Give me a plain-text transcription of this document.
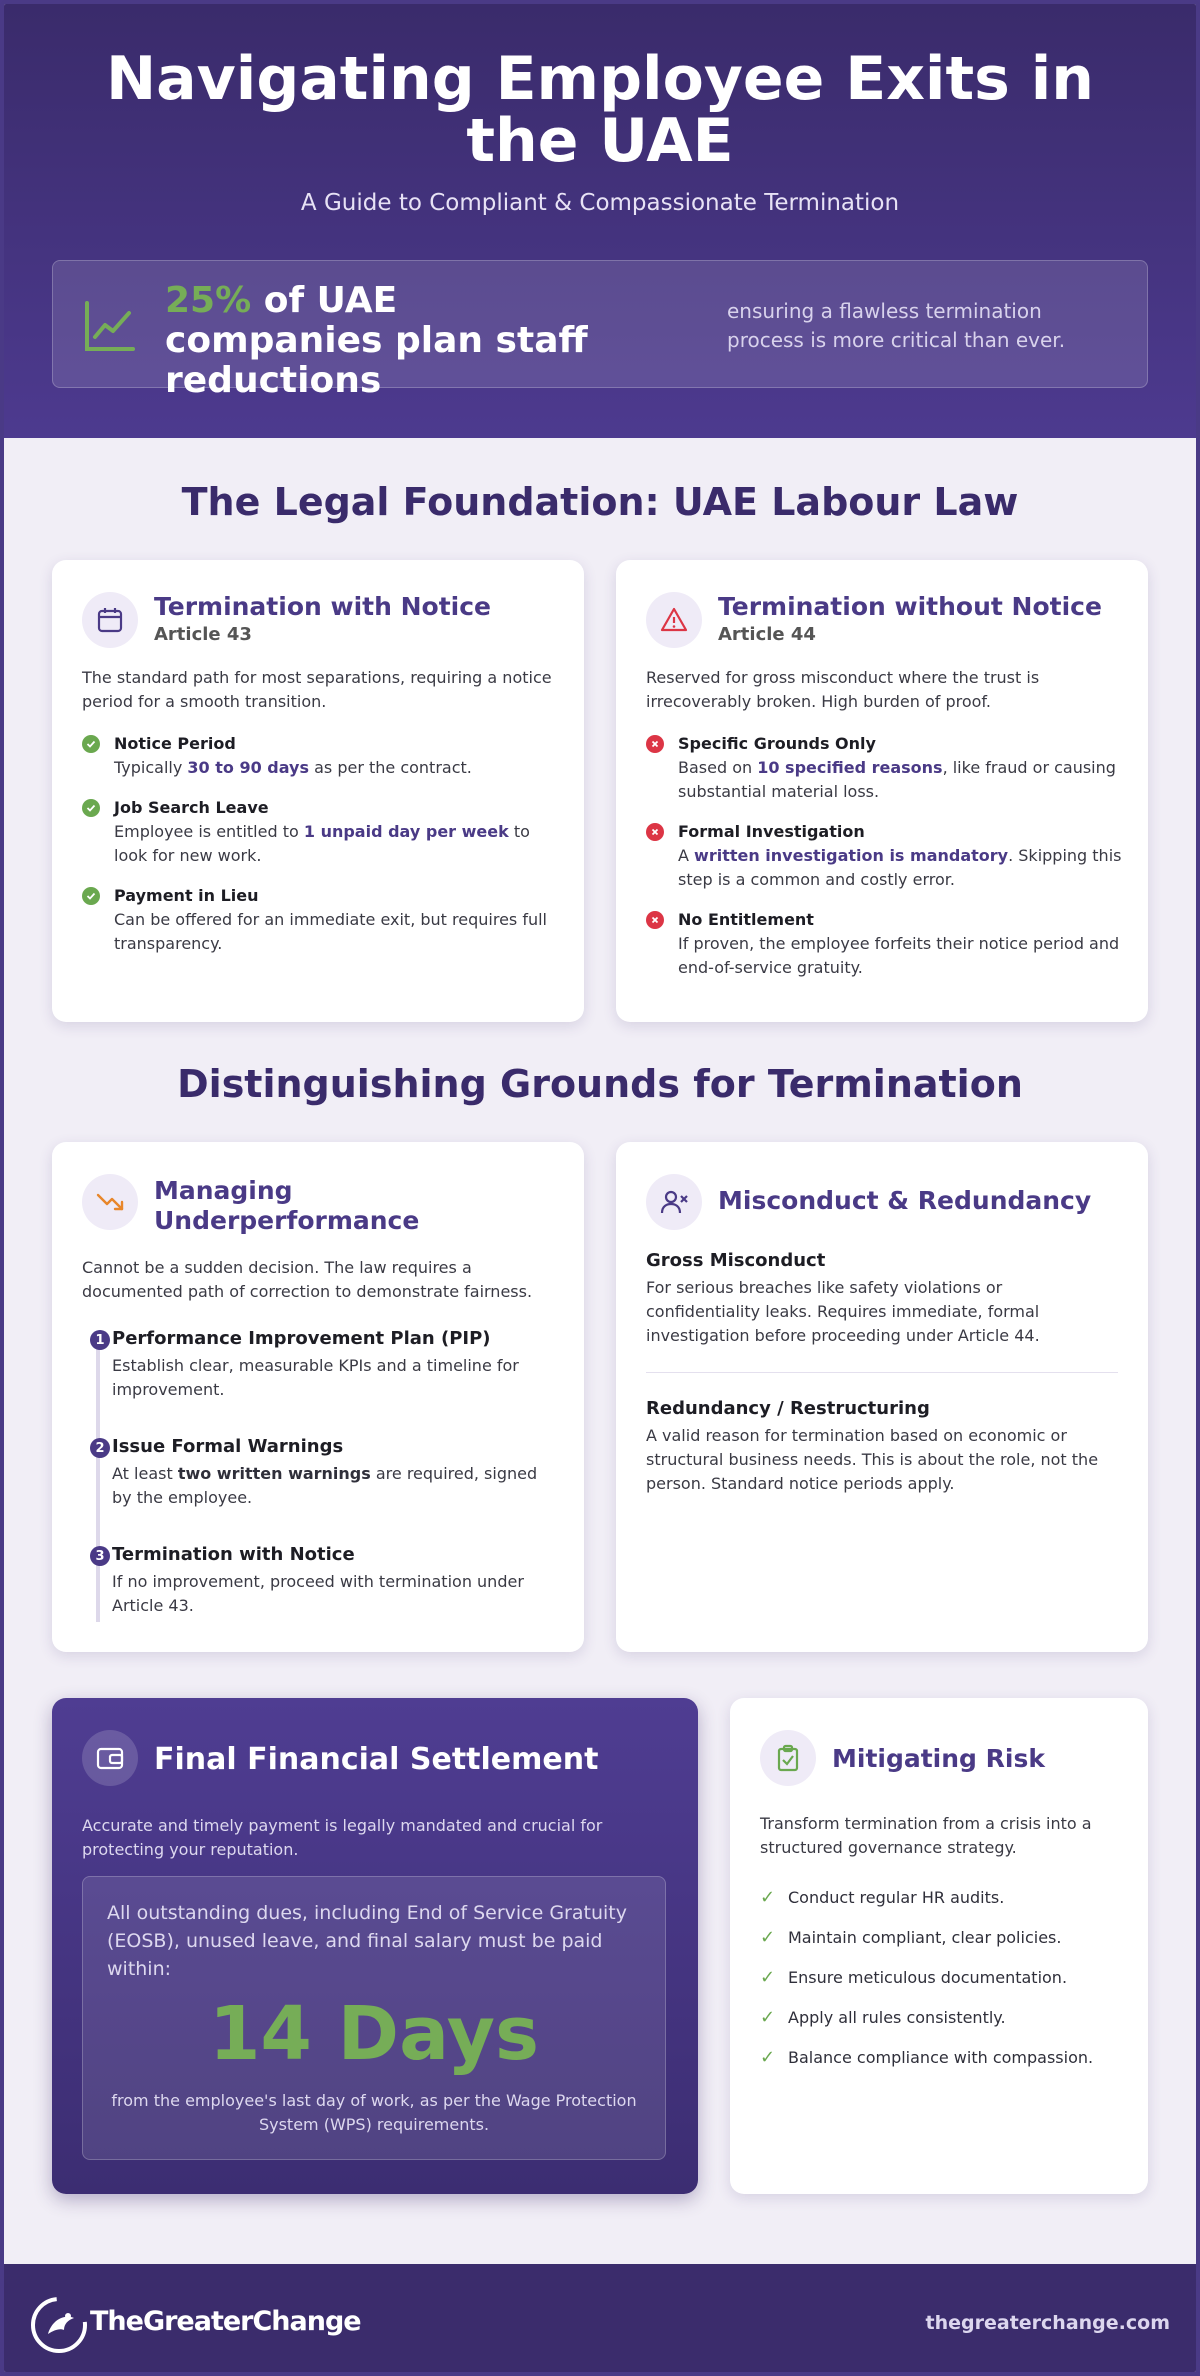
Navigating Employee Exits in the UAE
A Guide to Compliant & Compassionate Termination
25% of UAE companies plan staff reductions
ensuring a flawless termination process is more critical than ever.
The Legal Foundation: UAE Labour Law
Termination with Notice
Article 43
The standard path for most separations, requiring a notice period for a smooth transition.
Notice Period
Typically 30 to 90 days as per the contract.
Job Search Leave
Employee is entitled to 1 unpaid day per week to look for new work.
Payment in Lieu
Can be offered for an immediate exit, but requires full transparency.
Termination without Notice
Article 44
Reserved for gross misconduct where the trust is irrecoverably broken. High burden of proof.
Specific Grounds Only
Based on 10 specified reasons, like fraud or causing substantial material loss.
Formal Investigation
A written investigation is mandatory. Skipping this step is a common and costly error.
No Entitlement
If proven, the employee forfeits their notice period and end-of-service gratuity.
Distinguishing Grounds for Termination
Managing Underperformance
Cannot be a sudden decision. The law requires a documented path of correction to demonstrate fairness.
1 Performance Improvement Plan (PIP)
Establish clear, measurable KPIs and a timeline for improvement.
2 Issue Formal Warnings
At least two written warnings are required, signed by the employee.
3 Termination with Notice
If no improvement, proceed with termination under Article 43.
Misconduct & Redundancy
Gross Misconduct
For serious breaches like safety violations or confidentiality leaks. Requires immediate, formal investigation before proceeding under Article 44.
Redundancy / Restructuring
A valid reason for termination based on economic or structural business needs. This is about the role, not the person. Standard notice periods apply.
Final Financial Settlement
Accurate and timely payment is legally mandated and crucial for protecting your reputation.
All outstanding dues, including End of Service Gratuity (EOSB), unused leave, and final salary must be paid within:
14 Days
from the employee's last day of work, as per the Wage Protection System (WPS) requirements.
Mitigating Risk
Transform termination from a crisis into a structured governance strategy.
✓ Conduct regular HR audits.
✓ Maintain compliant, clear policies.
✓ Ensure meticulous documentation.
✓ Apply all rules consistently.
✓ Balance compliance with compassion.
TheGreaterChange	thegreaterchange.com
